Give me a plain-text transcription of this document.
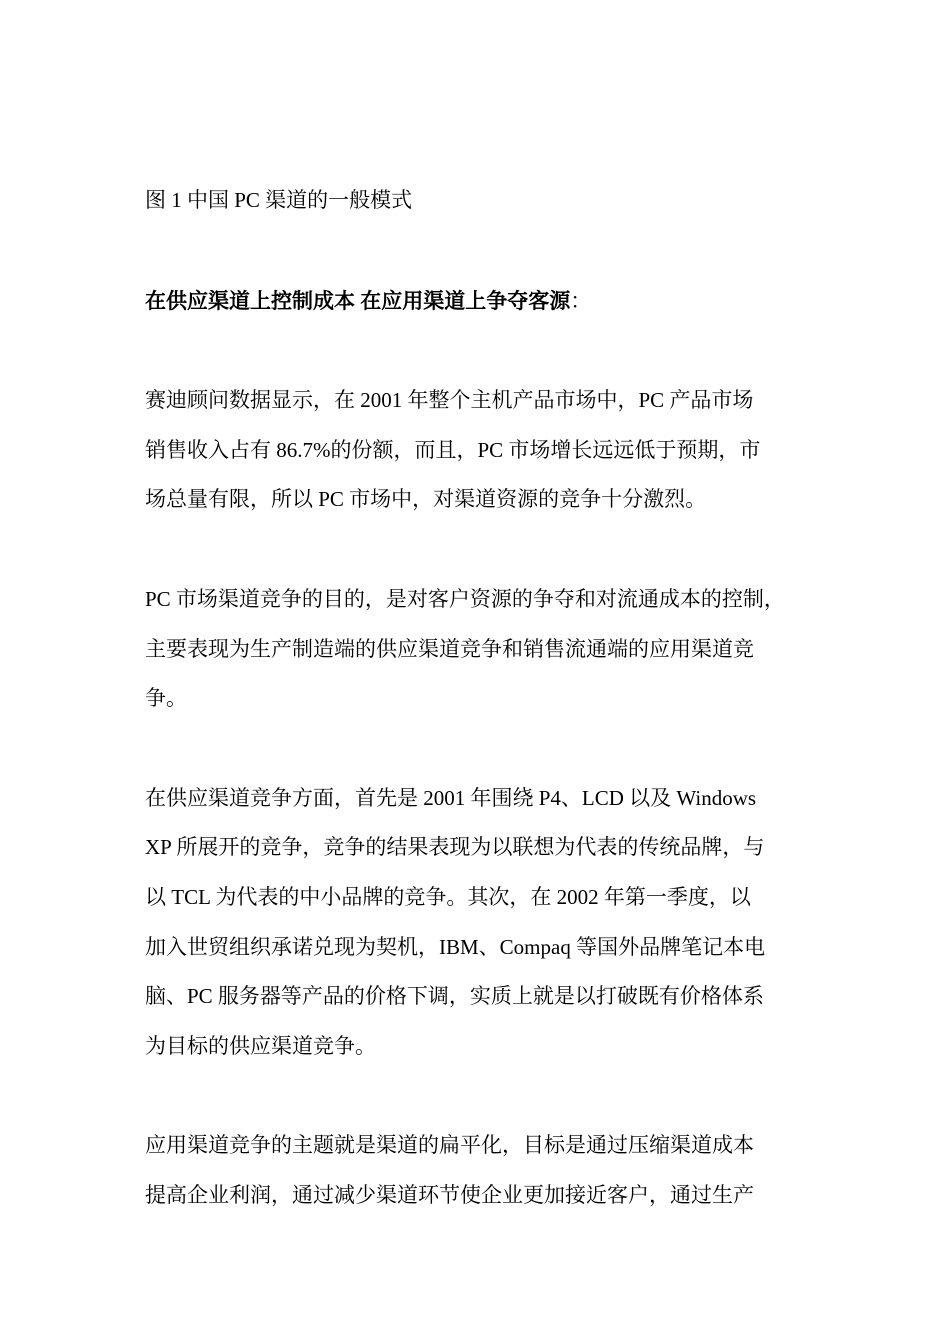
图 1 中国 PC 渠道的一般模式
在供应渠道上控制成本 在应用渠道上争夺客源：
赛迪顾问数据显示，在 2001 年整个主机产品市场中，PC 产品市场
销售收入占有 86.7%的份额，而且，PC 市场增长远远低于预期，市
场总量有限，所以 PC 市场中，对渠道资源的竞争十分激烈。
PC 市场渠道竞争的目的，是对客户资源的争夺和对流通成本的控制，
主要表现为生产制造端的供应渠道竞争和销售流通端的应用渠道竞
争。
在供应渠道竞争方面，首先是 2001 年围绕 P4、LCD 以及 Windows
XP 所展开的竞争，竞争的结果表现为以联想为代表的传统品牌，与
以 TCL 为代表的中小品牌的竞争。其次，在 2002 年第一季度，以
加入世贸组织承诺兑现为契机，IBM、Compaq 等国外品牌笔记本电
脑、PC 服务器等产品的价格下调，实质上就是以打破既有价格体系
为目标的供应渠道竞争。
应用渠道竞争的主题就是渠道的扁平化，目标是通过压缩渠道成本
提高企业利润，通过减少渠道环节使企业更加接近客户，通过生产
